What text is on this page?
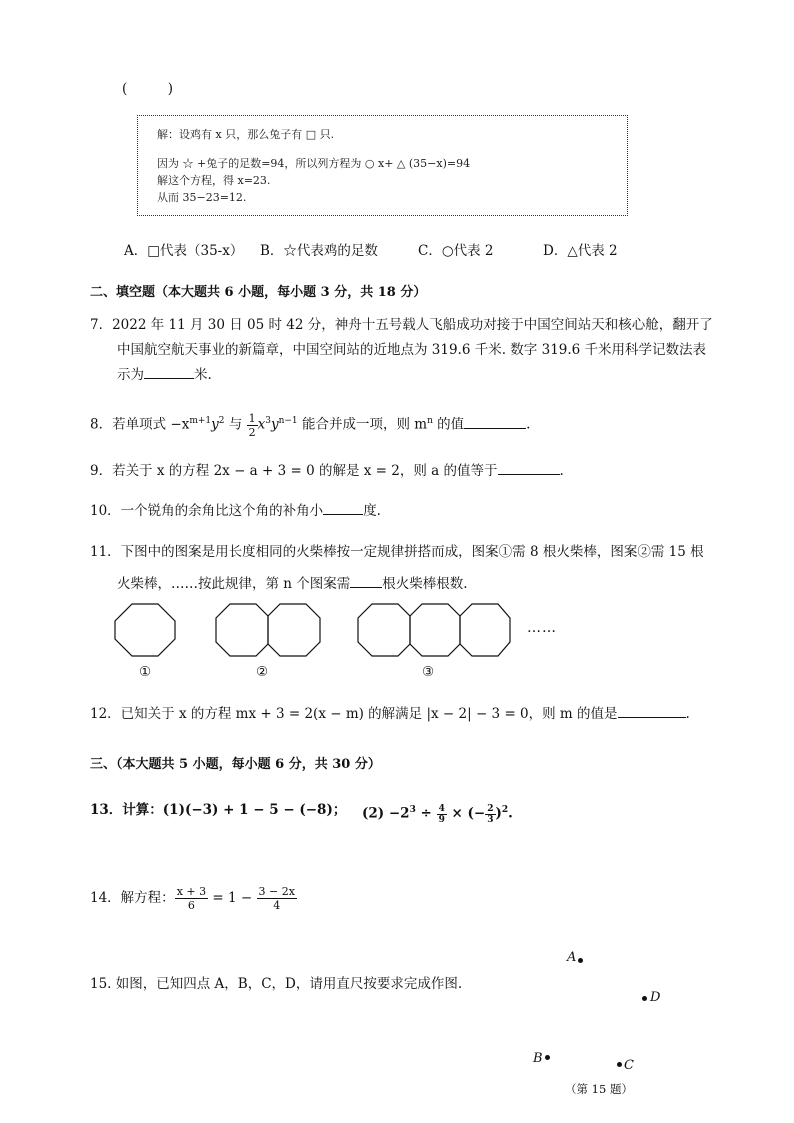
(　　　)
解：设鸡有 x 只，那么兔子有 □ 只.
因为 ☆ +兔子的足数=94，所以列方程为 ○ x+ △ (35−x)=94
解这个方程，得 x=23.
从而 35−23=12.
A．□代表（35-x） B．☆代表鸡的足数	C．○代表 2	D．△代表 2
二、填空题（本大题共 6 小题，每小题 3 分，共 18 分）
7．2022 年 11 月 30 日 05 时 42 分，神舟十五号载人飞船成功对接于中国空间站天和核心舱，翻开了
中国航空航天事业的新篇章，中国空间站的近地点为 319.6 千米. 数字 319.6 千米用科学记数法表
示为	米.
8．若单项式 $-x^{m+1}y^2$ 与 $\frac{1}{2} x^3y^{n-1}$ 能合并成一项，则 $m^n$ 的值	.
9．若关于 x 的方程 2x − a + 3 = 0 的解是 x = 2，则 a 的值等于	.
10．一个锐角的余角比这个角的补角小	度.
11．下图中的图案是用长度相同的火柴棒按一定规律拼搭而成，图案①需 8 根火柴棒，图案②需 15 根
火柴棒，……按此规律，第 n 个图案需 根火柴棒根数.
……
①	②	③
12．已知关于 x 的方程 mx + 3 = 2(x − m) 的解满足 |x − 2| − 3 = 0，则 m 的值是	.
三、（本大题共 5 小题，每小题 6 分，共 30 分）
13．计算：(1)(−3) + 1 − 5 − (−8)； $(2) -2^3 \div \frac{4}{9}$ × (− $\frac{2}{3} )^2$.
14．解方程： $\frac{x + 3}{6} = 1 - \frac{3 - 2x}{4}$
15. 如图，已知四点 A，B，C，D，请用直尺按要求完成作图.
A
D
B	C
（第 15 题）
